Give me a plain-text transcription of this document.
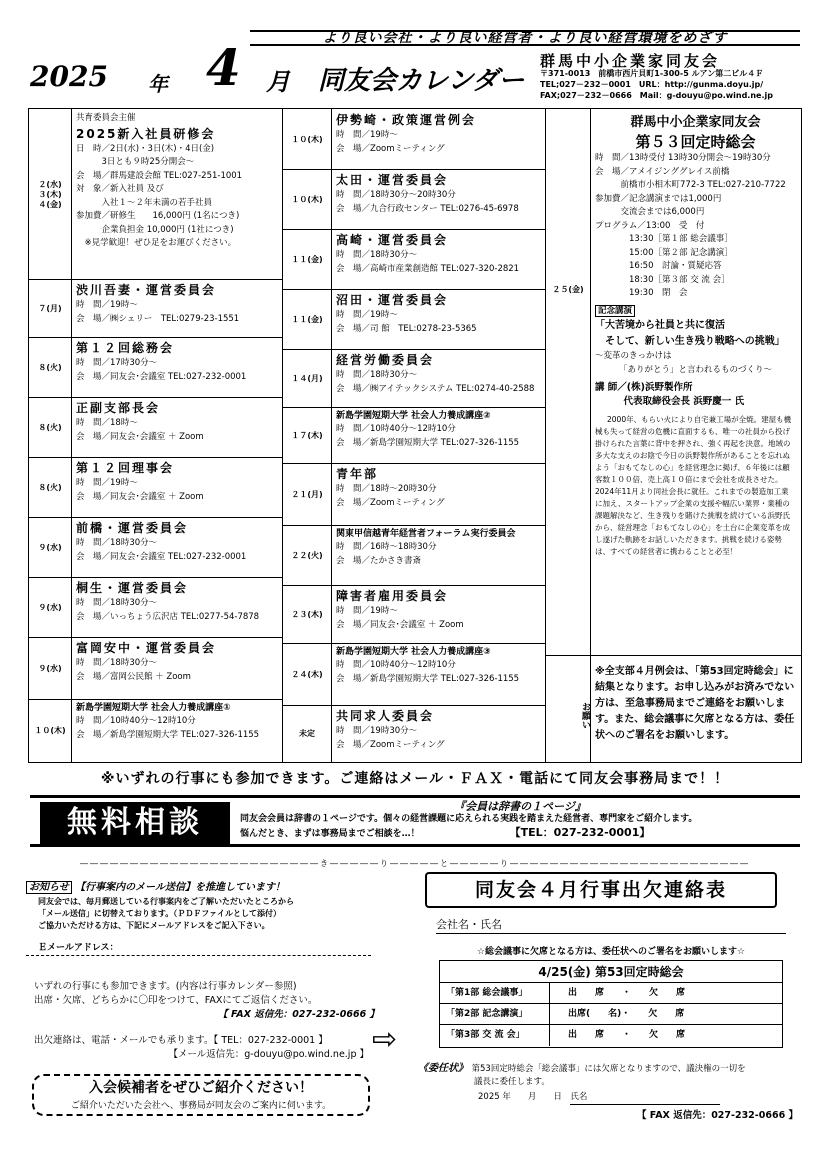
より良い会社・より良い経営者・より良い経営環境をめざす
2025 年 4 月 同友会カレンダー
群馬中小企業家同友会
〒371-0013　前橋市西片貝町1-300-5 ルアン第二ビル４Ｆ
TEL;027－232－0001　URL：http://gunma.doyu.jp/
FAX;027－232－0666　Mail：g-douyu@po.wind.ne.jp
２(水)
３(木)
４(金)
共育委員会主催
2025新入社員研修会
日　時／2日(水)・3日(木)・4日(金)
　　　3日とも９時25分開会～
会　場／群馬建設会館 TEL:027-251-1001
対　象／新入社員 及び
　　　入社１～２年未満の若手社員
参加費／研修生　　16,000円 (1名につき)
　　　企業負担金 10,000円 (1社につき)
　※見学歓迎！ぜひ足をお運びください。
７(月)
渋川吾妻・運営委員会
時　間／19時～
会　場／㈱シェリー　TEL:0279-23-1551
８(火)
第１２回総務会
時　間／17時30分～
会　場／同友会･会議室 TEL:027-232-0001
８(火)
正副支部長会
時　間／18時～
会　場／同友会･会議室 ＋ Zoom
８(火)
第１２回理事会
時　間／19時～
会　場／同友会･会議室 ＋ Zoom
９(水)
前橋・運営委員会
時　間／18時30分～
会　場／同友会･会議室 TEL:027-232-0001
９(水)
桐生・運営委員会
時　間／18時30分～
会　場／いっちょう広沢店 TEL:0277-54-7878
９(水)
富岡安中・運営委員会
時　間／18時30分～
会　場／富岡公民館 ＋ Zoom
１０(木)
新島学園短期大学 社会人力養成講座①
時　間／10時40分～12時10分
会　場／新島学園短期大学 TEL:027-326-1155
１０(木)
伊勢崎・政策運営例会
時　間／19時～
会　場／Zoomミーティング
１０(木)
太田・運営委員会
時　間／18時30分～20時30分
会　場／九合行政センター TEL:0276-45-6978
１１(金)
高崎・運営委員会
時　間／18時30分～
会　場／高崎市産業創造館 TEL:027-320-2821
１１(金)
沼田・運営委員会
時　間／19時～
会　場／司 館　TEL:0278-23-5365
１４(月)
経営労働委員会
時　間／18時30分～
会　場／㈱アイテックシステム TEL:0274-40-2588
１７(木)
新島学園短期大学 社会人力養成講座②
時　間／10時40分～12時10分
会　場／新島学園短期大学 TEL:027-326-1155
２１(月)
青年部
時　間／18時～20時30分
会　場／Zoomミーティング
２２(火)
関東甲信越青年経営者フォーラム実行委員会
時　間／16時～18時30分
会　場／たかさき書斎
２３(木)
障害者雇用委員会
時　間／19時～
会　場／同友会･会議室 ＋ Zoom
２４(木)
新島学園短期大学 社会人力養成講座③
時　間／10時40分～12時10分
会　場／新島学園短期大学 TEL:027-326-1155
未定
共同求人委員会
時　間／19時30分～
会　場／Zoomミーティング
２５(金)
群馬中小企業家同友会
第５３回定時総会
時　間／13時受付 13時30分開会～19時30分
会　場／アメイジンググレイス前橋
　　　前橋市小相木町772-3 TEL:027-210-7722
参加費／記念講演までは1,000円
　　　交流会までは6,000円
プログラム／13:00　受　付
　　　　13:30［第１部 総会議事］
　　　　15:00［第２部 記念講演］
　　　　16:50　討論・質疑応答
　　　　18:30［第３部 交 流 会］
　　　　19:30　閉　会
記念講演
「大苦境から社員と共に復活
　そして、新しい生き残り戦略への挑戦」
～変革のきっかけは
「ありがとう」と言われるものづくり～
講 師／(株)浜野製作所
　　　代表取締役会長 浜野慶一 氏
2000年、もらい火により自宅兼工場が全焼。建屋も機械も失って経営の危機に直面するも、唯一の社員から投げ掛けられた言葉に背中を押され、強く再起を決意。地域の多大な支えのお陰で今日の浜野製作所があることを忘れぬよう「おもてなしの心」を経営理念に掲げ、６年後には顧客数１００倍、売上高１０倍にまで会社を成長させた。2024年11月より同社会長に就任。これまでの製造加工業に加え、スタートアップ企業の支援や幅広い業界・業種の課題解決など、生き残りを賭けた挑戦を続けている浜野氏から、経営理念「おもてなしの心」を土台に企業変革を成し遂げた軌跡をお話しいただきます。挑戦を続ける姿勢は、すべての経営者に携わることと必至！
お願い
※全支部４月例会は、「第53回定時総会」に結集となります。お申し込みがお済みでない方は、至急事務局までご連絡をお願いします。また、総会議事に欠席となる方は、委任状へのご署名をお願いします。
※いずれの行事にも参加できます。ご連絡はメール・ＦＡＸ・電話にて同友会事務局まで！！
無料相談	『会員は辞書の１ページ』
同友会会員は辞書の１ページです。個々の経営課題に応えられる実践を踏まえた経営者、専門家をご紹介します。
悩んだとき、まずは事務局までご相談を…！	【TEL：027-232-0001】
――――――――――――――――――――――――き―――――り―――――と―――――り――――――――――――――――――――――――
お知らせ 【行事案内のメール送信】を推進しています！
同友会では、毎月郵送している行事案内をご了解いただいたところから
「メール送信」に切替えております。（ＰＤＦファイルとして添付）
ご協力いただける方は、下記にメールアドレスをご記入下さい。
Ｅメールアドレス：
いずれの行事にも参加できます。(内容は行事カレンダー参照)
出席・欠席、どちらかに〇印をつけて、FAXにてご返信ください。
【 FAX 返信先：027-232-0666 】
出欠連絡は、電話・メールでも承ります。【 TEL：027-232-0001 】
【メール返信先：g-douyu@po.wind.ne.jp 】 ⇨
入会候補者をぜひご紹介ください！
ご紹介いただいた会社へ、事務局が同友会のご案内に伺います。
同友会４月行事出欠連絡表
会社名・氏名
☆総会議事に欠席となる方は、委任状へのご署名をお願いします☆
4/25(金) 第53回定時総会
「第1部 総会議事」	出　　席　　・　　欠　　席
「第2部 記念講演」	出席(　　名)・　　欠　　席
「第3部 交 流 会」	出　　席　　・　　欠　　席
《委任状》　 第53回定時総会「総会議事」には欠席となりますので、議決権の一切を
議長に委任します。
2025 年　　月　　日　 氏名
【 FAX 返信先：027-232-0666 】
